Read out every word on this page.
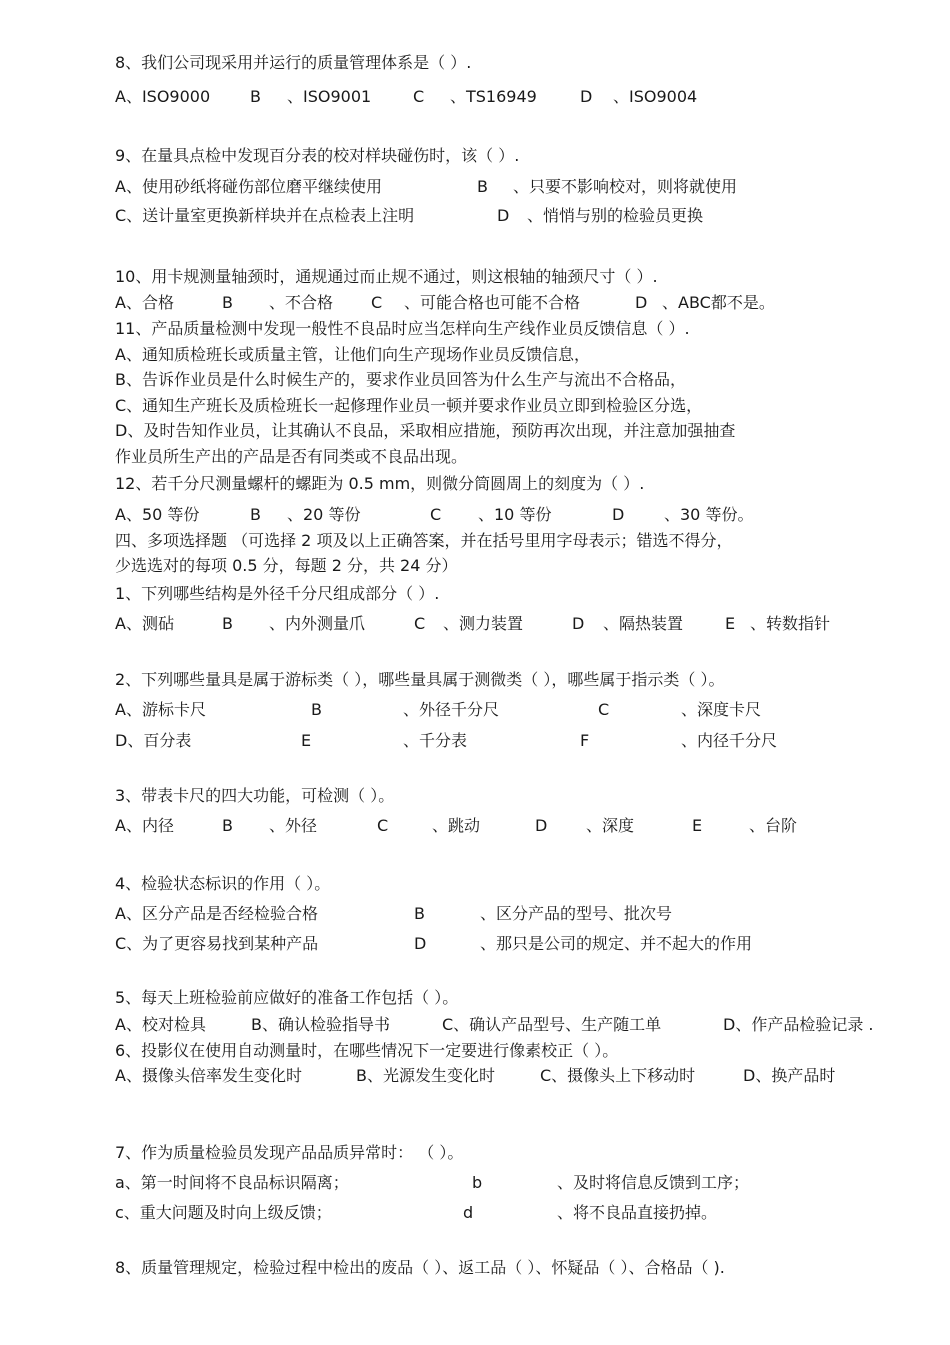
8、我们公司现采用并运行的质量管理体系是（ ）.
A、ISO9000 B 、ISO9001	C 、TS16949	D 、ISO9004
9、在量具点检中发现百分表的校对样块碰伤时，该（ ）.
A、使用砂纸将碰伤部位磨平继续使用	B 、只要不影响校对，则将就使用
C、送计量室更换新样块并在点检表上注明	D 、悄悄与别的检验员更换
10、用卡规测量轴颈时，通规通过而止规不通过，则这根轴的轴颈尺寸（ ）.
A、合格	B 、不合格 C 、可能合格也可能不合格	D 、ABC都不是。
11、产品质量检测中发现一般性不良品时应当怎样向生产线作业员反馈信息（ ）.
A、通知质检班长或质量主管，让他们向生产现场作业员反馈信息，
B、告诉作业员是什么时候生产的，要求作业员回答为什么生产与流出不合格品，
C、通知生产班长及质检班长一起修理作业员一顿并要求作业员立即到检验区分选，
D、及时告知作业员，让其确认不良品，采取相应措施，预防再次出现，并注意加强抽查
作业员所生产出的产品是否有同类或不良品出现。
12、若千分尺测量螺杆的螺距为 0.5 mm，则微分筒圆周上的刻度为（ ）.
A、50 等份	B 、20 等份	C 、10 等份	D 、30 等份。
四、多项选择题 （可选择 2 项及以上正确答案，并在括号里用字母表示；错选不得分，
少选选对的每项 0.5 分，每题 2 分，共 24 分）
1、下列哪些结构是外径千分尺组成部分（ ）.
A、测砧	B 、内外测量爪	C 、测力装置	D 、隔热装置	E 、转数指针
2、下列哪些量具是属于游标类（ ），哪些量具属于测微类（ ），哪些属于指示类（ ）。
A、游标卡尺	B	、外径千分尺	C	、深度卡尺
D、百分表	E	、千分表	F	、内径千分尺
3、带表卡尺的四大功能，可检测（ ）。
A、内径	B 、外径	C	、跳动	D 、深度	E	、台阶
4、检验状态标识的作用（ ）。
A、区分产品是否经检验合格	B	、区分产品的型号、批次号
C、为了更容易找到某种产品	D	、那只是公司的规定、并不起大的作用
5、每天上班检验前应做好的准备工作包括（ ）。
A、校对检具	B、确认检验指导书	C、确认产品型号、生产随工单	D、作产品检验记录 .
6、投影仪在使用自动测量时，在哪些情况下一定要进行像素校正（ ）。
A、摄像头倍率发生变化时	B、光源发生变化时	C、摄像头上下移动时	D、换产品时
7、作为质量检验员发现产品品质异常时： （ ）。
a、第一时间将不良品标识隔离；	b	、及时将信息反馈到工序；
c、重大问题及时向上级反馈；	d	、将不良品直接扔掉。
8、质量管理规定，检验过程中检出的废品（ ）、返工品（ ）、怀疑品（ ）、合格品（ ).
